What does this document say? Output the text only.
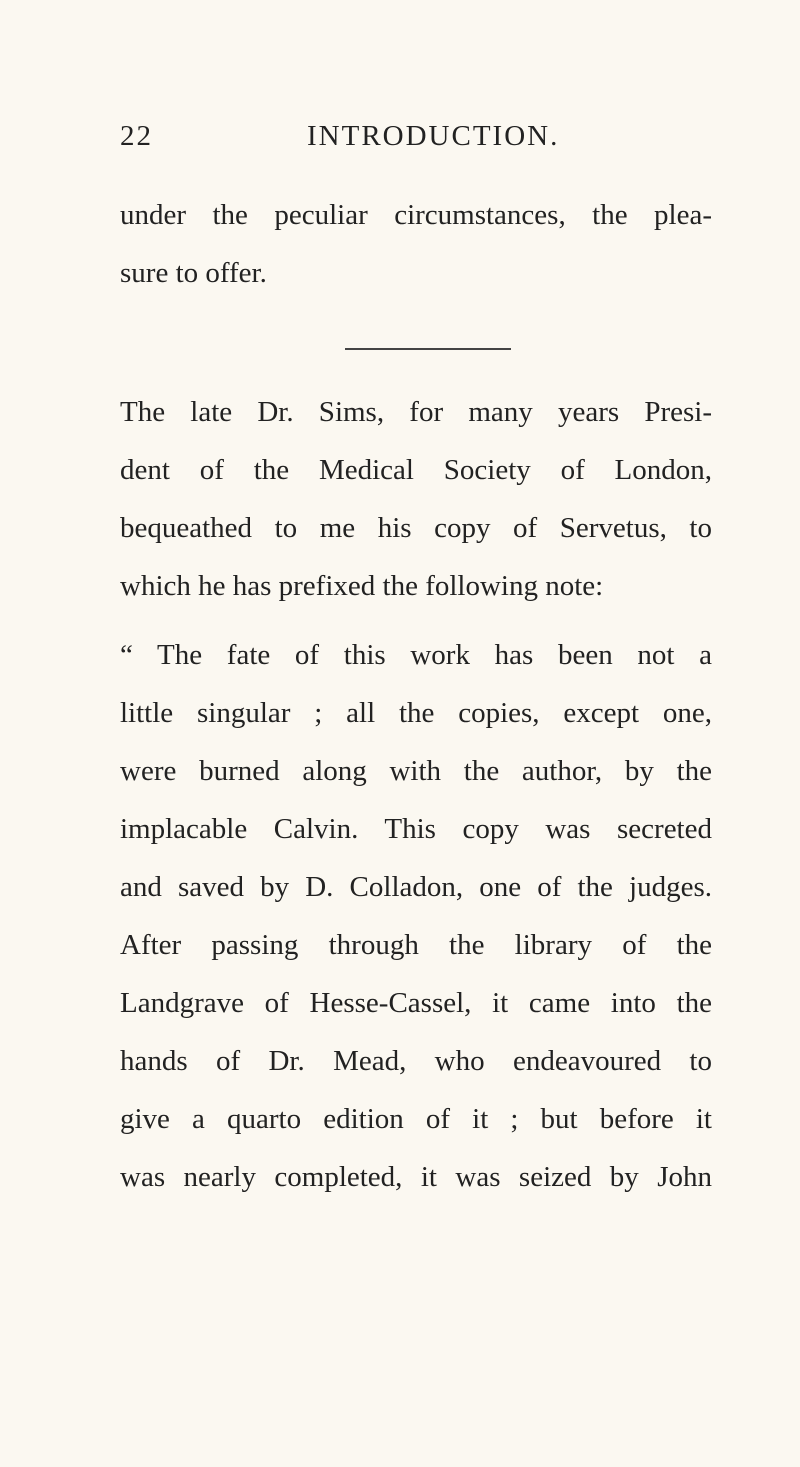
22	INTRODUCTION.
under the peculiar circumstances, the plea-
sure to offer.
The late Dr. Sims, for many years Presi-
dent of the Medical Society of London,
bequeathed to me his copy of Servetus, to
which he has prefixed the following note:
“ The fate of this work has been not a
little singular ; all the copies, except one,
were burned along with the author, by the
implacable Calvin. This copy was secreted
and saved by D. Colladon, one of the judges.
After passing through the library of the
Landgrave of Hesse-Cassel, it came into the
hands of Dr. Mead, who endeavoured to
give a quarto edition of it ; but before it
was nearly completed, it was seized by John
